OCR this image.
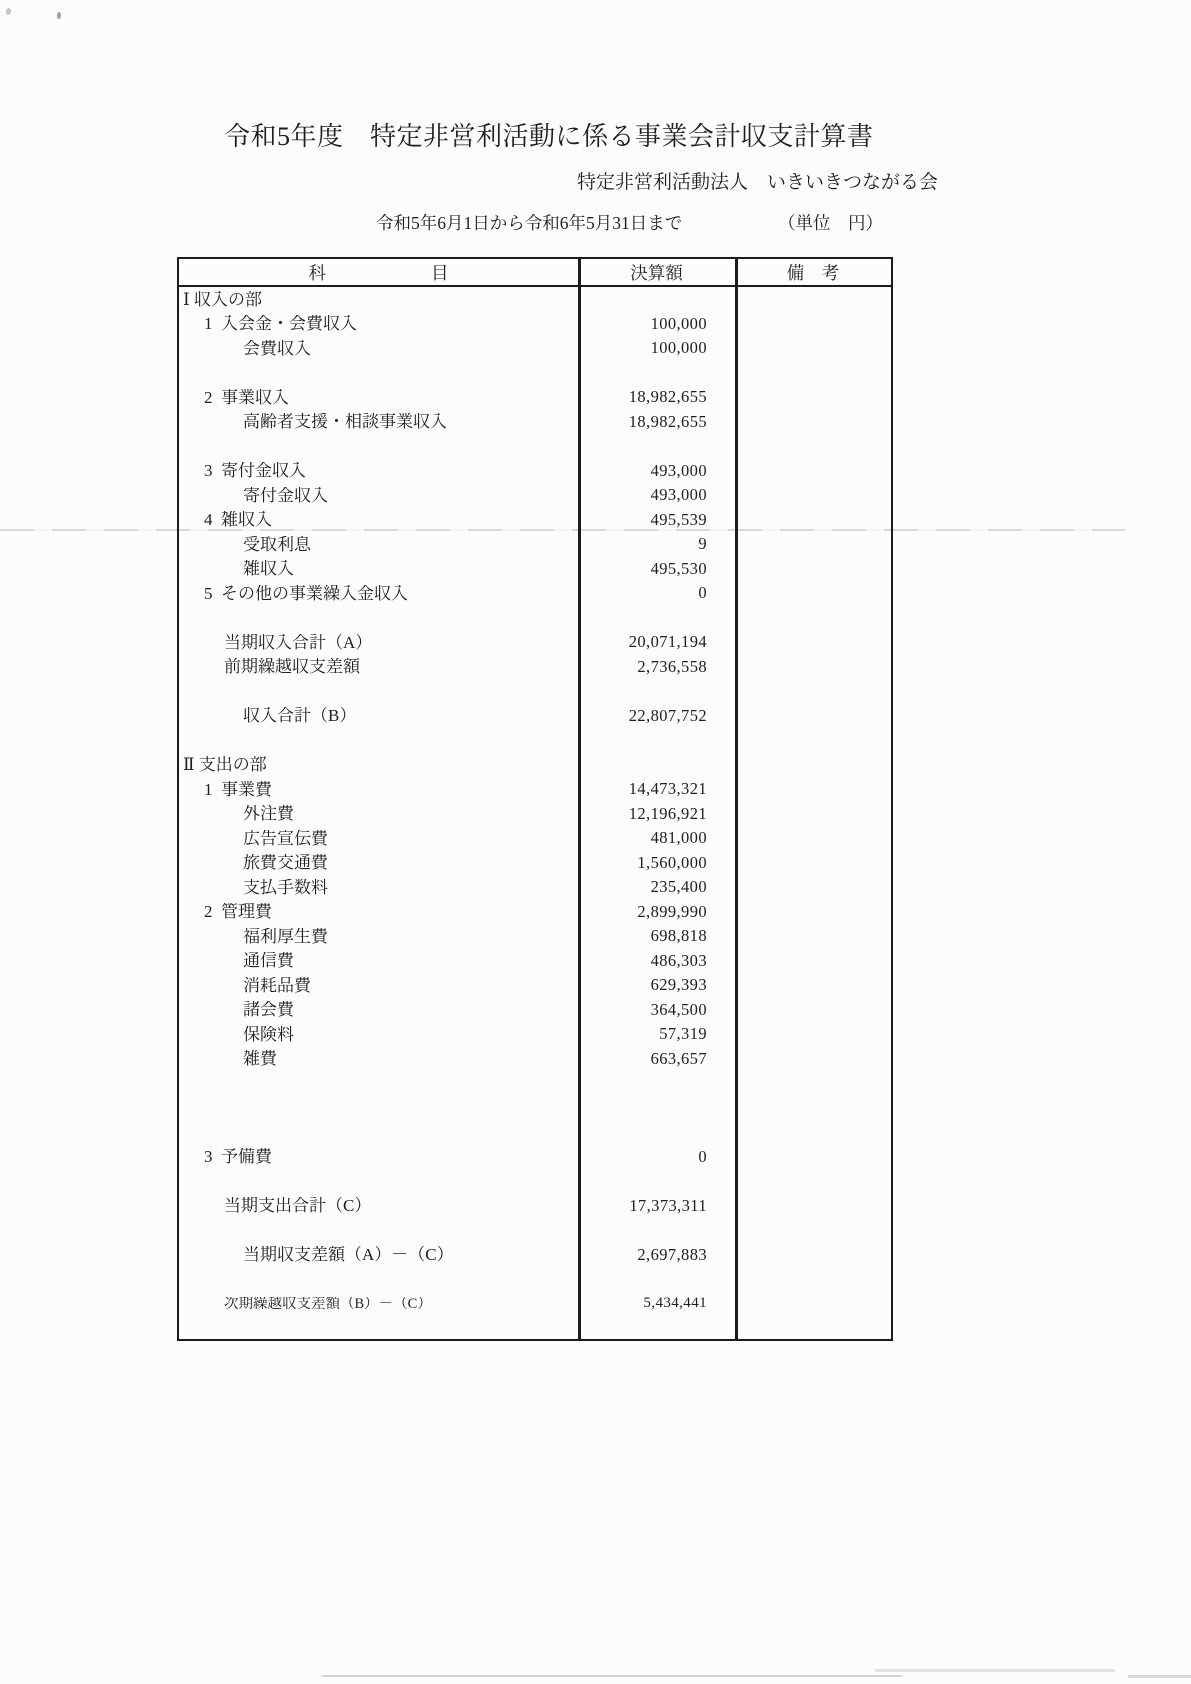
令和5年度　特定非営利活動に係る事業会計収支計算書
特定非営利活動法人　いきいきつながる会
令和5年6月1日から令和6年5月31日まで	（単位　円）
科　　　　　　目	決算額	備　考
Ⅰ 収入の部
1  入会金・会費収入	100,000
会費収入	100,000
2  事業収入	18,982,655
高齢者支援・相談事業収入	18,982,655
3  寄付金収入	493,000
寄付金収入	493,000
4  雑収入	495,539
受取利息	9
雑収入	495,530
5  その他の事業繰入金収入	0
当期収入合計（A）	20,071,194
前期繰越収支差額	2,736,558
収入合計（B）	22,807,752
Ⅱ 支出の部
1  事業費	14,473,321
外注費	12,196,921
広告宣伝費	481,000
旅費交通費	1,560,000
支払手数料	235,400
2  管理費	2,899,990
福利厚生費	698,818
通信費	486,303
消耗品費	629,393
諸会費	364,500
保険料	57,319
雑費	663,657
3  予備費	0
当期支出合計（C）	17,373,311
当期収支差額（A）－（C）	2,697,883
次期繰越収支差額（B）－（C）	5,434,441
